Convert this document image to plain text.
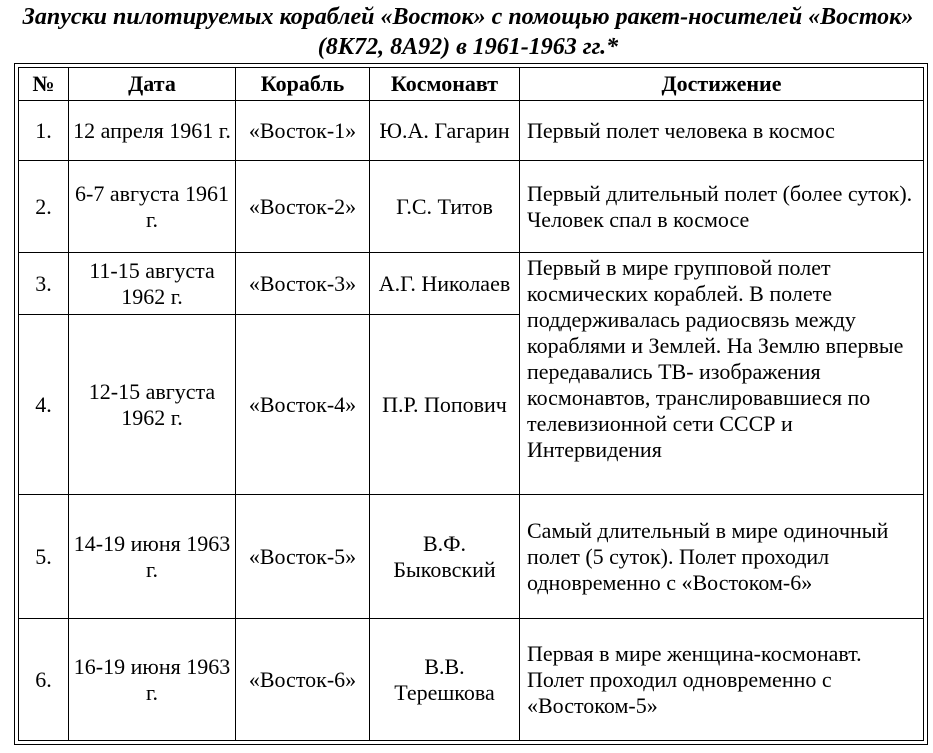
Запуски пилотируемых кораблей «Восток» с помощью ракет-носителей «Восток» (8К72, 8А92) в 1961-1963 гг.*
№	Дата	Корабль	Космонавт	Достижение
1.	12 апреля 1961 г.	«Восток-1»	Ю.А. Гагарин	Первый полет человека в космос
2.	6-7 августа 1961 г.	«Восток-2»	Г.С. Титов	Первый длительный полет (более суток). Человек спал в космосе
3.	11-15 августа 1962 г.	«Восток-3»	А.Г. Николаев	Первый в мире групповой полет космических кораблей. В полете поддерживалась радиосвязь между кораблями и Землей. На Землю впервые передавались ТВ- изображения космонавтов, транслировавшиеся по телевизионной сети СССР и Интервидения
4.	12-15 августа 1962 г.	«Восток-4»	П.Р. Попович	
5.	14-19 июня 1963 г.	«Восток-5»	В.Ф. Быковский	Самый длительный в мире одиночный полет (5 суток). Полет проходил одновременно с «Востоком-6»
6.	16-19 июня 1963 г.	«Восток-6»	В.В. Терешкова	Первая в мире женщина-космонавт. Полет проходил одновременно с «Востоком-5»
